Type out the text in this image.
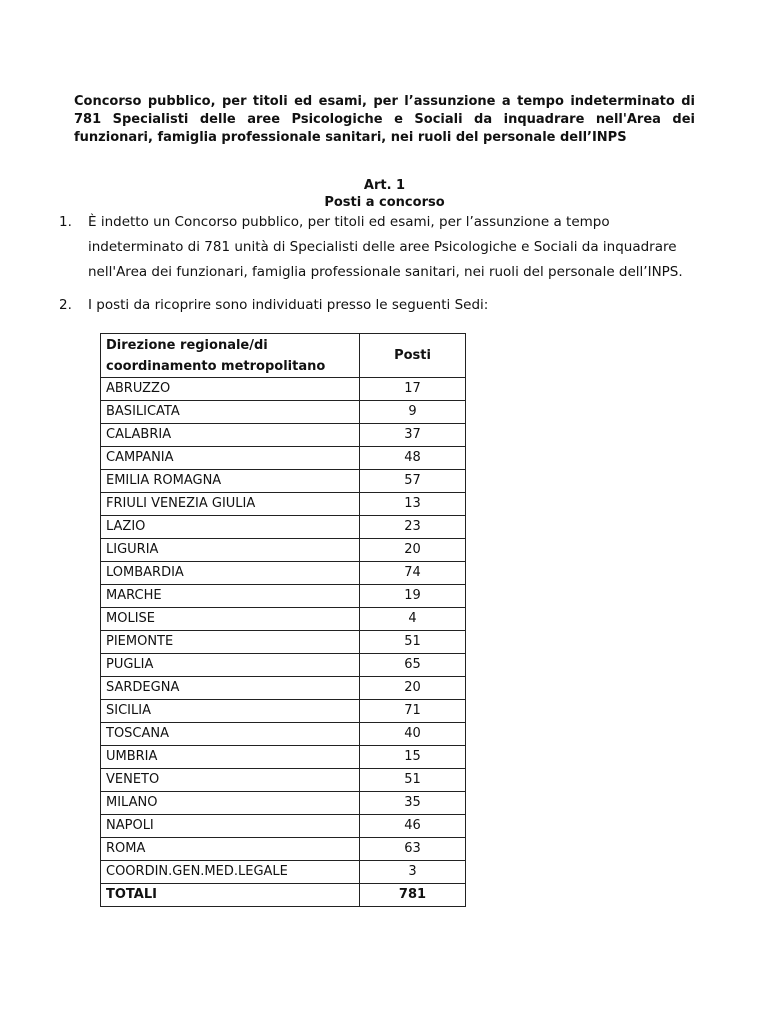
Concorso pubblico, per titoli ed esami, per l’assunzione a tempo indeterminato di 781 Specialisti delle aree Psicologiche e Sociali da inquadrare nell'Area dei funzionari, famiglia professionale sanitari, nei ruoli del personale dell’INPS
Art. 1
Posti a concorso
1. È indetto un Concorso pubblico, per titoli ed esami, per l’assunzione a tempo indeterminato di 781 unità di Specialisti delle aree Psicologiche e Sociali da inquadrare nell'Area dei funzionari, famiglia professionale sanitari, nei ruoli del personale dell’INPS.
2. I posti da ricoprire sono individuati presso le seguenti Sedi:
Direzione regionale/di coordinamento metropolitano	Posti
ABRUZZO	17
BASILICATA	9
CALABRIA	37
CAMPANIA	48
EMILIA ROMAGNA	57
FRIULI VENEZIA GIULIA	13
LAZIO	23
LIGURIA	20
LOMBARDIA	74
MARCHE	19
MOLISE	4
PIEMONTE	51
PUGLIA	65
SARDEGNA	20
SICILIA	71
TOSCANA	40
UMBRIA	15
VENETO	51
MILANO	35
NAPOLI	46
ROMA	63
COORDIN.GEN.MED.LEGALE	3
TOTALI	781
